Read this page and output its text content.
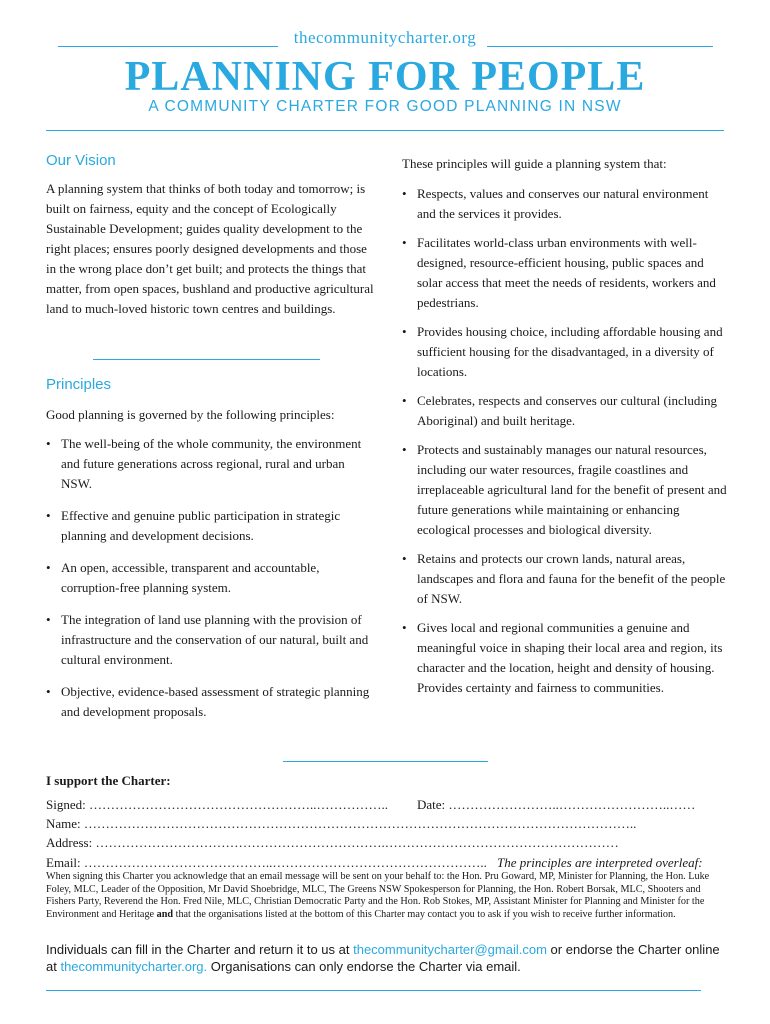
thecommunitycharter.org
PLANNING FOR PEOPLE
A COMMUNITY CHARTER FOR GOOD PLANNING IN NSW
Our Vision
A planning system that thinks of both today and tomorrow; is built on fairness, equity and the concept of Ecologically Sustainable Development; guides quality development to the right places; ensures poorly designed developments and those in the wrong place don’t get built; and protects the things that matter, from open spaces, bushland and productive agricultural land to much-loved historic town centres and buildings.
Principles
Good planning is governed by the following principles:
• The well-being of the whole community, the environment and future generations across regional, rural and urban NSW.
• Effective and genuine public participation in strategic planning and development decisions.
• An open, accessible, transparent and accountable, corruption-free planning system.
• The integration of land use planning with the provision of infrastructure and the conservation of our natural, built and cultural environment.
• Objective, evidence-based assessment of strategic planning and development proposals.
These principles will guide a planning system that:
• Respects, values and conserves our natural environment and the services it provides.
• Facilitates world-class urban environments with well-designed, resource-efficient housing, public spaces and solar access that meet the needs of residents, workers and pedestrians.
• Provides housing choice, including affordable housing and sufficient housing for the disadvantaged, in a diversity of locations.
• Celebrates, respects and conserves our cultural (including Aboriginal) and built heritage.
• Protects and sustainably manages our natural resources, including our water resources, fragile coastlines and irreplaceable agricultural land for the benefit of present and future generations while maintaining or enhancing ecological processes and biological diversity.
• Retains and protects our crown lands, natural areas, landscapes and flora and fauna for the benefit of the people of NSW.
• Gives local and regional communities a genuine and meaningful voice in shaping their local area and region, its character and the location, height and density of housing. Provides certainty and fairness to communities.
I support the Charter:
Signed: ……………………………………………..…………….. Date: ……………………..……………………..……
Name: ………………………………………………………………………………………………………………..
Address: ………………………………………………………….………………………………………………
Email: ……………………………………..………………………………………….. The principles are interpreted overleaf:
When signing this Charter you acknowledge that an email message will be sent on your behalf to: the Hon. Pru Goward, MP, Minister for Planning, the Hon. Luke Foley, MLC, Leader of the Opposition, Mr David Shoebridge, MLC, The Greens NSW Spokesperson for Planning, the Hon. Robert Borsak, MLC, Shooters and Fishers Party, Reverend the Hon. Fred Nile, MLC, Christian Democratic Party and the Hon. Rob Stokes, MP, Assistant Minister for Planning and Minister for the Environment and Heritage and that the organisations listed at the bottom of this Charter may contact you to ask if you wish to receive further information.
Individuals can fill in the Charter and return it to us at thecommunitycharter@gmail.com or endorse the Charter online at thecommunitycharter.org. Organisations can only endorse the Charter via email.
